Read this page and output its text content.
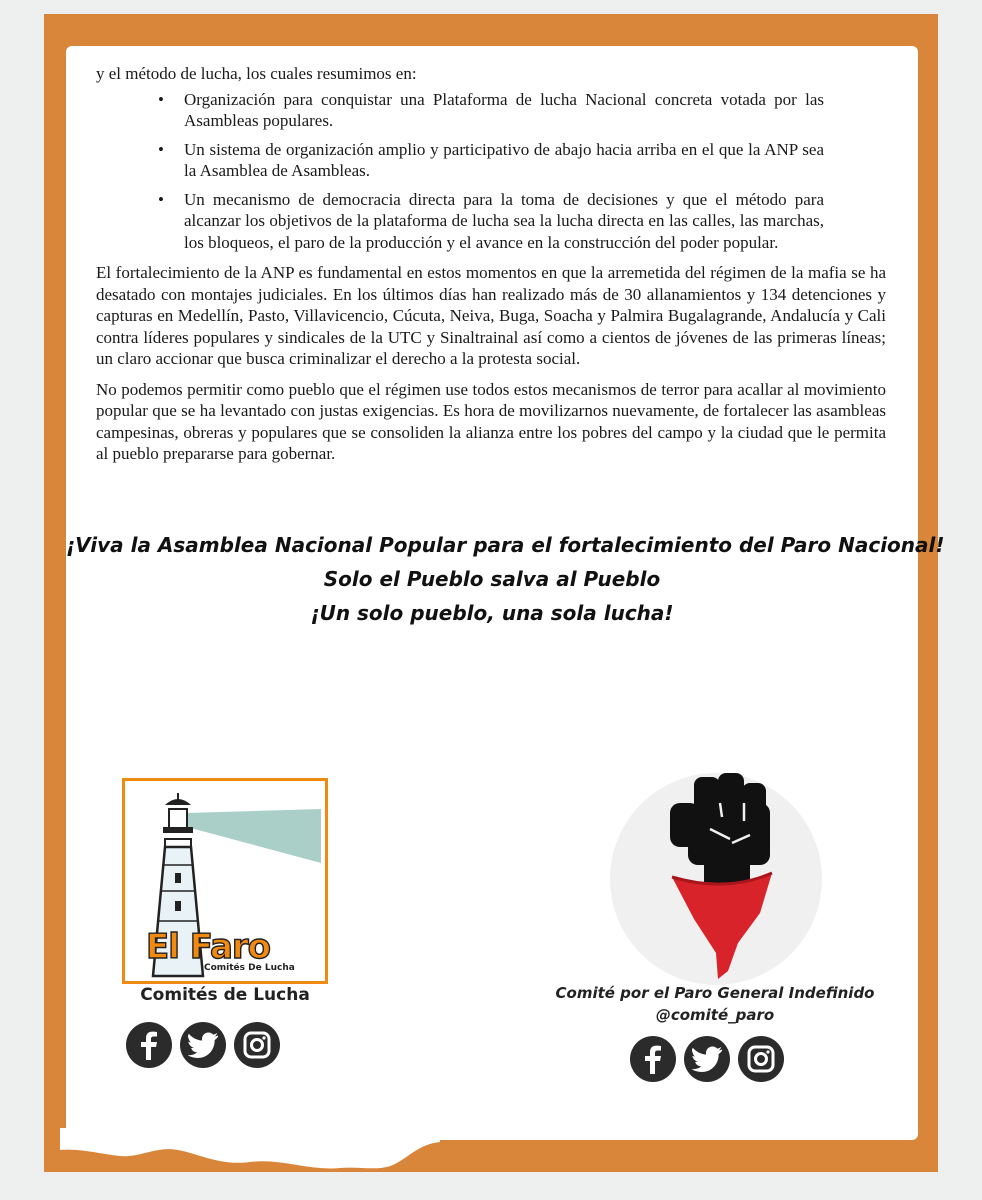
y el método de lucha, los cuales resumimos en:

• Organización para conquistar una Plataforma de lucha Nacional concreta votada por las Asambleas populares.
• Un sistema de organización amplio y participativo de abajo hacia arriba en el que la ANP sea la Asamblea de Asambleas.
• Un mecanismo de democracia directa para la toma de decisiones y que el método para alcanzar los objetivos de la plataforma de lucha sea la lucha directa en las calles, las marchas, los bloqueos, el paro de la producción y el avance en la construcción del poder popular.

El fortalecimiento de la ANP es fundamental en estos momentos en que la arremetida del régimen de la mafia se ha desatado con montajes judiciales. En los últimos días han realizado más de 30 allanamientos y 134 detenciones y capturas en Medellín, Pasto, Villavicencio, Cúcuta, Neiva, Buga, Soacha y Palmira Bugalagrande, Andalucía y Cali contra líderes populares y sindicales de la UTC y Sinaltrainal así como a cientos de jóvenes de las primeras líneas; un claro accionar que busca criminalizar el derecho a la protesta social.

No podemos permitir como pueblo que el régimen use todos estos mecanismos de terror para acallar al movimiento popular que se ha levantado con justas exigencias. Es hora de movilizarnos nuevamente, de fortalecer las asambleas campesinas, obreras y populares que se consoliden la alianza entre los pobres del campo y la ciudad que le permita al pueblo prepararse para gobernar.

¡Viva la Asamblea Nacional Popular para el fortalecimiento del Paro Nacional!
Solo el Pueblo salva al Pueblo
¡Un solo pueblo, una sola lucha!
El Faro
Comités De Lucha
Comités de Lucha	Comité por el Paro General Indefinido
@comité_paro
